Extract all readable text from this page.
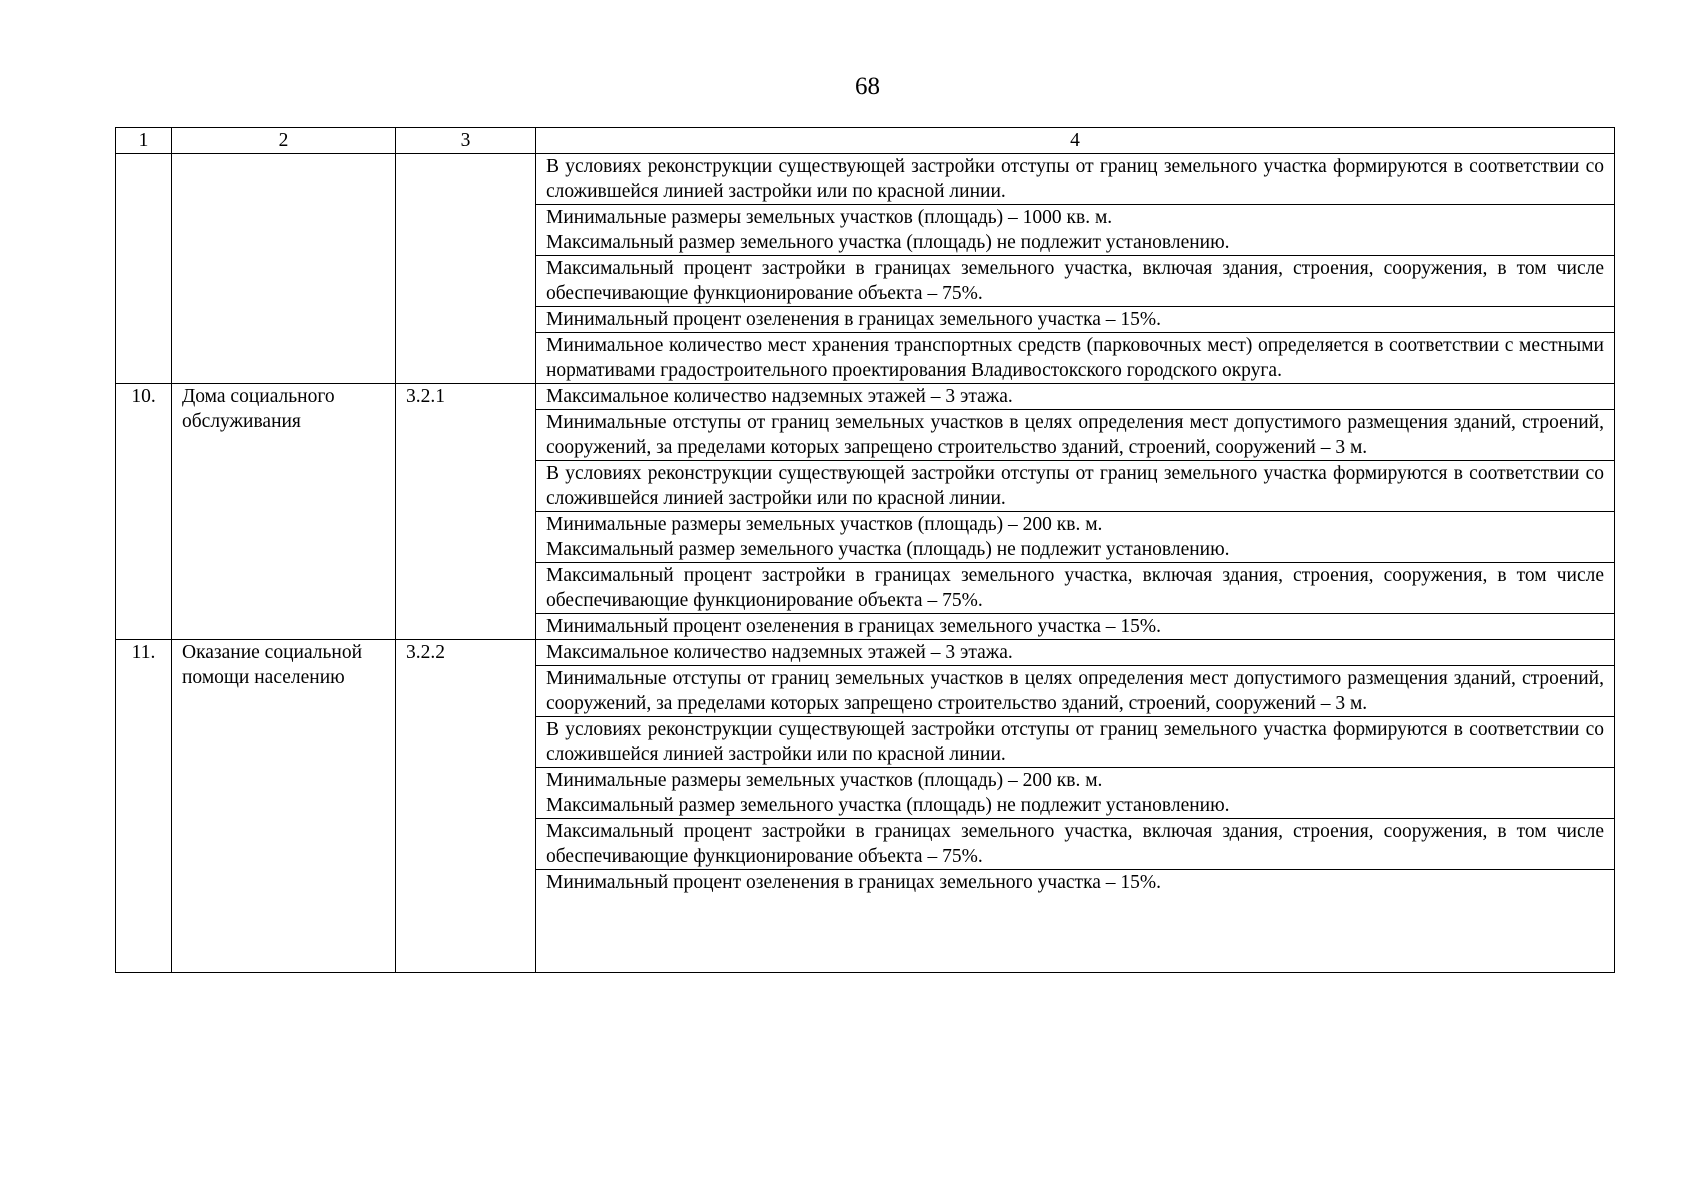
68
1	2	3	4

			В условиях реконструкции существующей застройки отступы от границ земельного участка формируются в соответствии со сложившейся линией застройки или по красной линии.

			Минимальные размеры земельных участков (площадь) – 1000 кв. м.
Максимальный размер земельного участка (площадь) не подлежит установлению.

			Максимальный процент застройки в границах земельного участка, включая здания, строения, сооружения, в том числе обеспечивающие функционирование объекта – 75%.

			Минимальный процент озеленения в границах земельного участка – 15%.

			Минимальное количество мест хранения транспортных средств (парковочных мест) определяется в соответствии с местными нормативами градостроительного проектирования Владивостокского городского округа.

10.	Дома социального обслуживания	3.2.1	Максимальное количество надземных этажей – 3 этажа.

			Минимальные отступы от границ земельных участков в целях определения мест допустимого размещения зданий, строений, сооружений, за пределами которых запрещено строительство зданий, строений, сооружений – 3 м.

			В условиях реконструкции существующей застройки отступы от границ земельного участка формируются в соответствии со сложившейся линией застройки или по красной линии.

			Минимальные размеры земельных участков (площадь) – 200 кв. м.
Максимальный размер земельного участка (площадь) не подлежит установлению.

			Максимальный процент застройки в границах земельного участка, включая здания, строения, сооружения, в том числе обеспечивающие функционирование объекта – 75%.

			Минимальный процент озеленения в границах земельного участка – 15%.

11.	Оказание социальной помощи населению	3.2.2	Максимальное количество надземных этажей – 3 этажа.

			Минимальные отступы от границ земельных участков в целях определения мест допустимого размещения зданий, строений, сооружений, за пределами которых запрещено строительство зданий, строений, сооружений – 3 м.

			В условиях реконструкции существующей застройки отступы от границ земельного участка формируются в соответствии со сложившейся линией застройки или по красной линии.

			Минимальные размеры земельных участков (площадь) – 200 кв. м.
Максимальный размер земельного участка (площадь) не подлежит установлению.

			Максимальный процент застройки в границах земельного участка, включая здания, строения, сооружения, в том числе обеспечивающие функционирование объекта – 75%.

			Минимальный процент озеленения в границах земельного участка – 15%.
